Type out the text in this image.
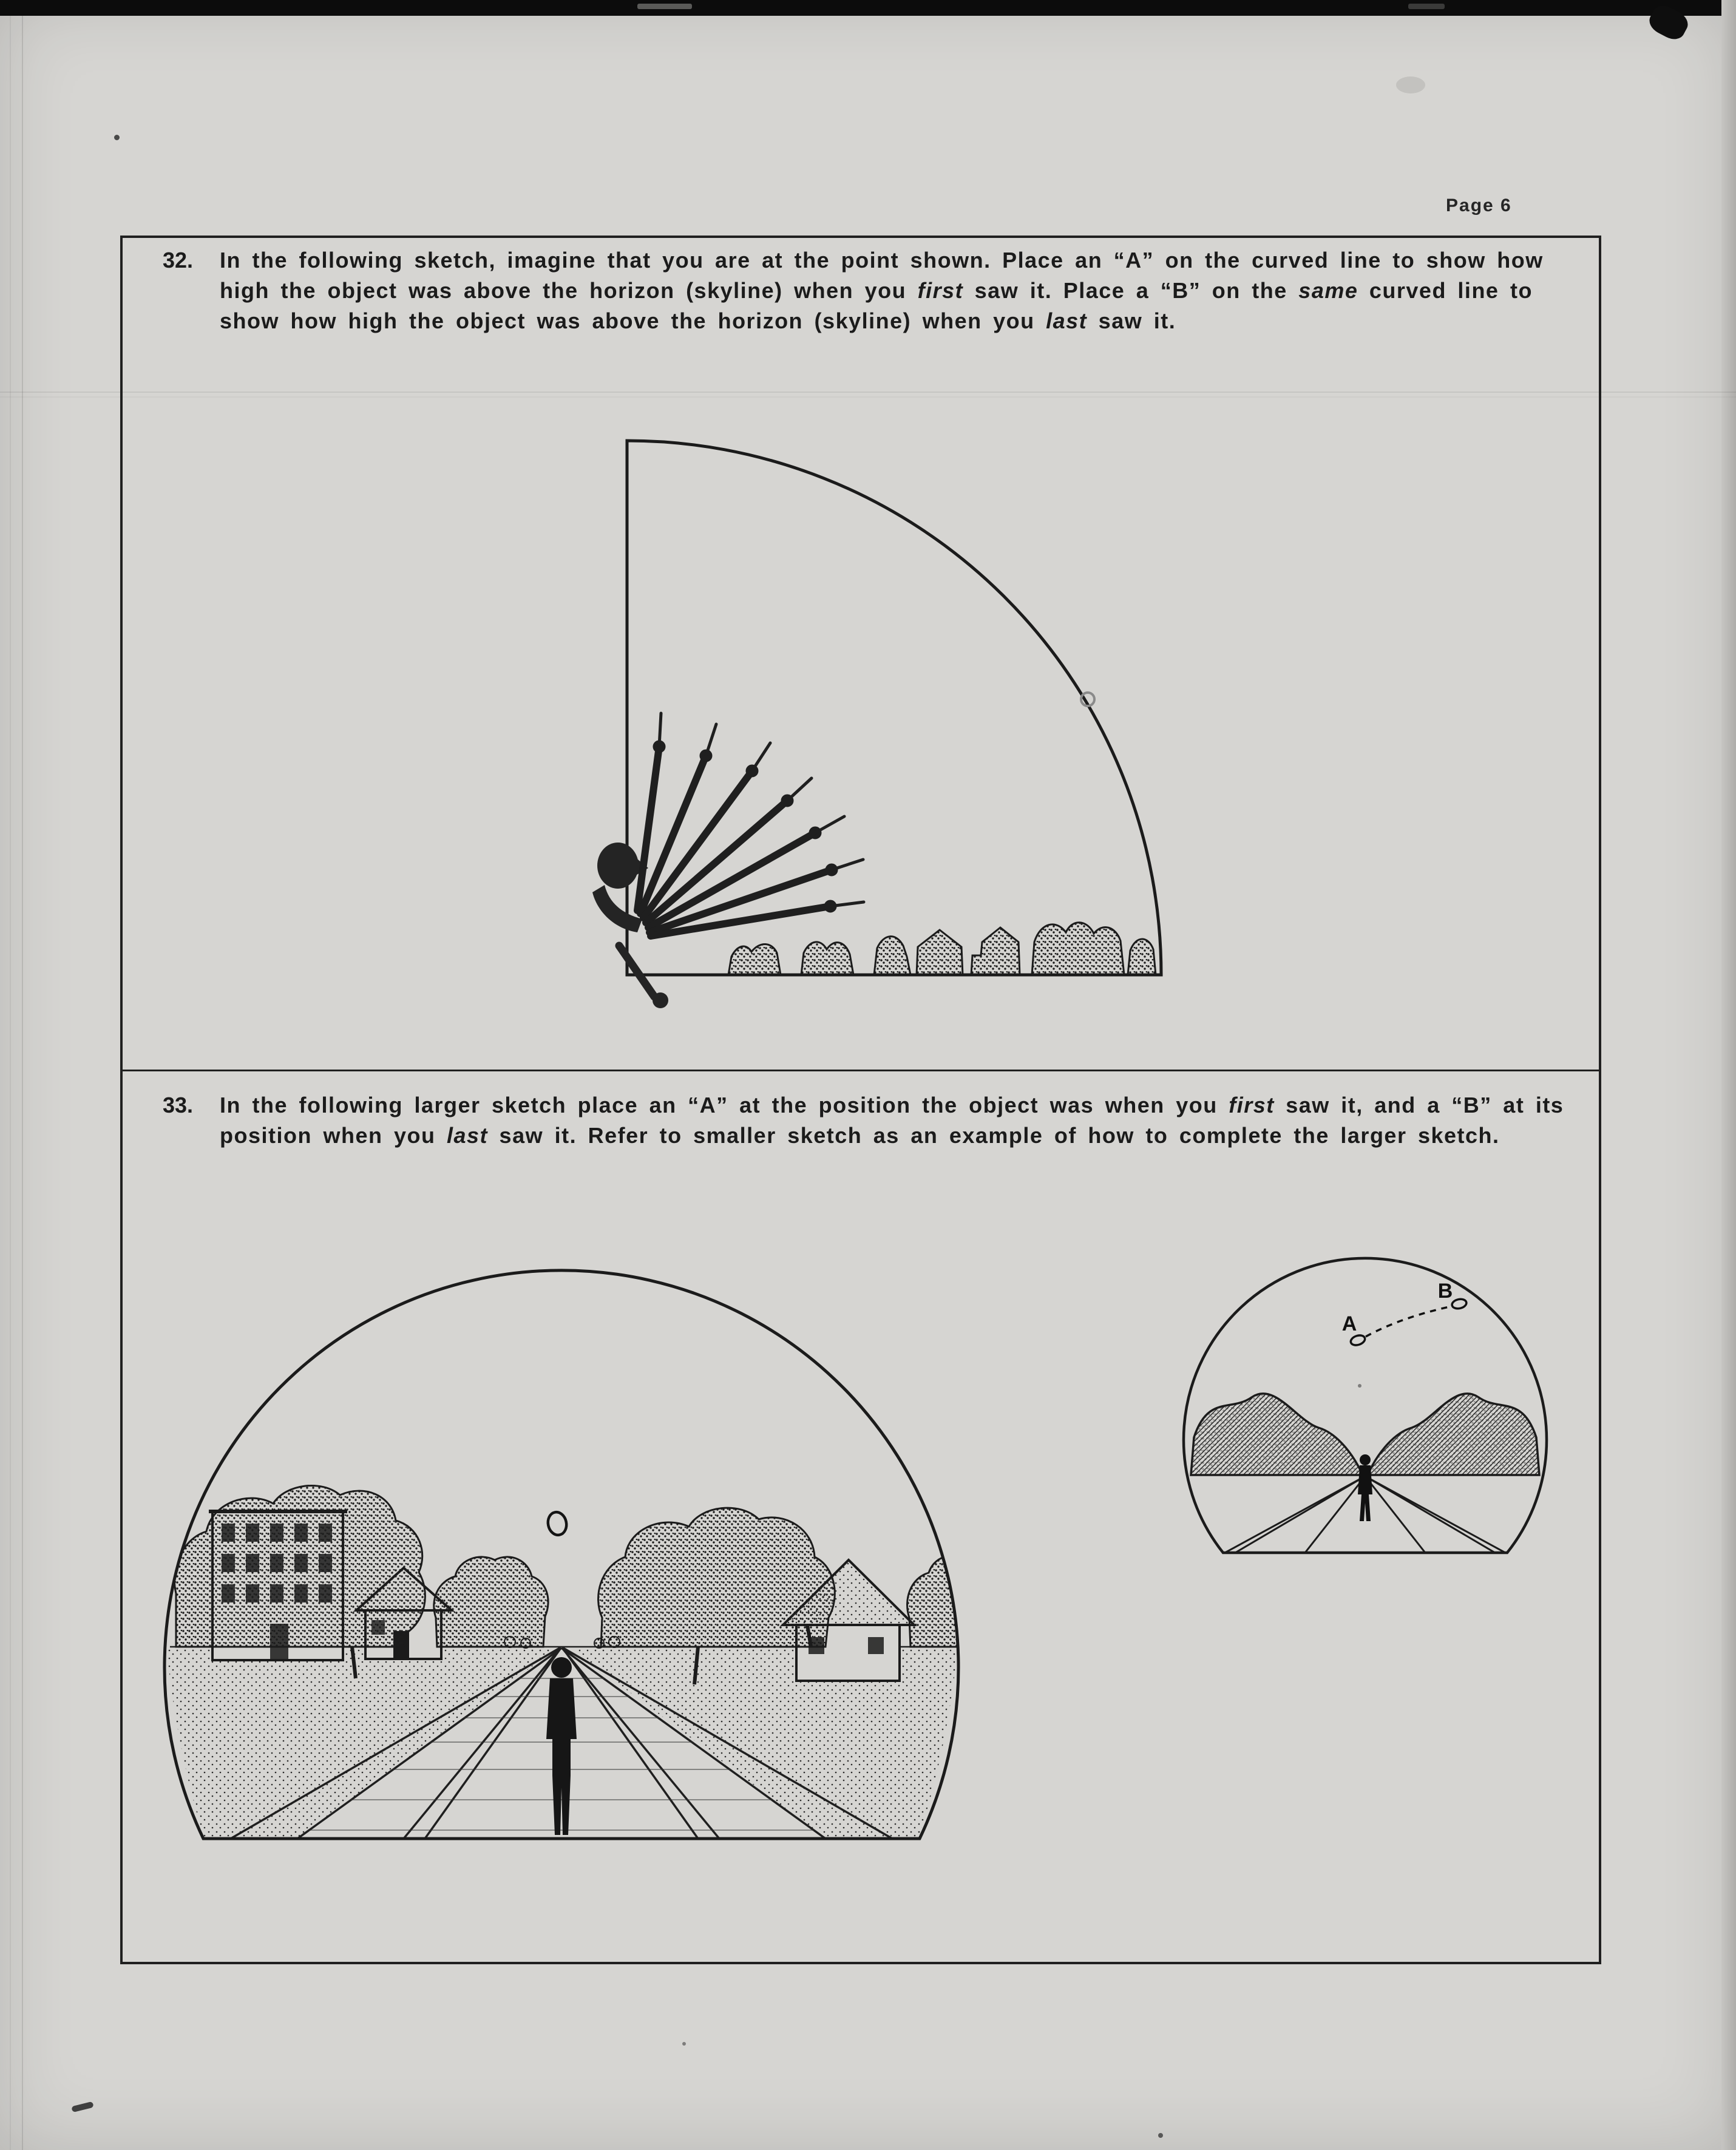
Page 6
32.	In the following sketch, imagine that you are at the point shown. Place an “A” on the curved line to show how high the object was above the horizon (skyline) when you first saw it. Place a “B” on the same curved line to show how high the object was above the horizon (skyline) when you last saw it.

33.	In the following larger sketch place an “A” at the position the object was when you first saw it, and a “B” at its position when you last saw it. Refer to smaller sketch as an example of how to complete the larger sketch.

A
B
